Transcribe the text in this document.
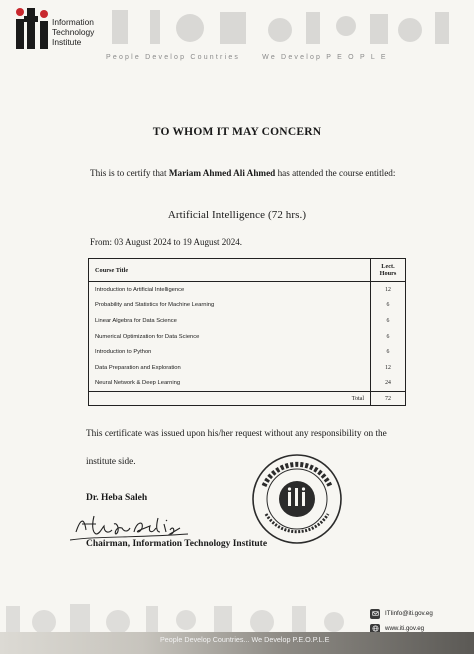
Information
Technology
Institute
People Develop Countries	We Develop P E O P L E
TO WHOM IT MAY CONCERN
This is to certify that Mariam Ahmed Ali Ahmed has attended the course entitled:
Artificial Intelligence (72 hrs.)
From: 03 August 2024 to 19 August 2024.
Course Title	Lect.
Hours

Introduction to Artificial Intelligence	12
Probability and Statistics for Machine Learning	6
Linear Algebra for Data Science	6
Numerical Optimization for Data Science	6
Introduction to Python	6
Data Preparation and Exploration	12
Neural Network & Deep Learning	24
Total	72
This certificate was issued upon his/her request without any responsibility on the institute side.
Dr. Heba Saleh
Chairman, Information Technology Institute
ITIinfo@iti.gov.eg
www.iti.gov.eg
People Develop Countries... We Develop P.E.O.P.L.E
